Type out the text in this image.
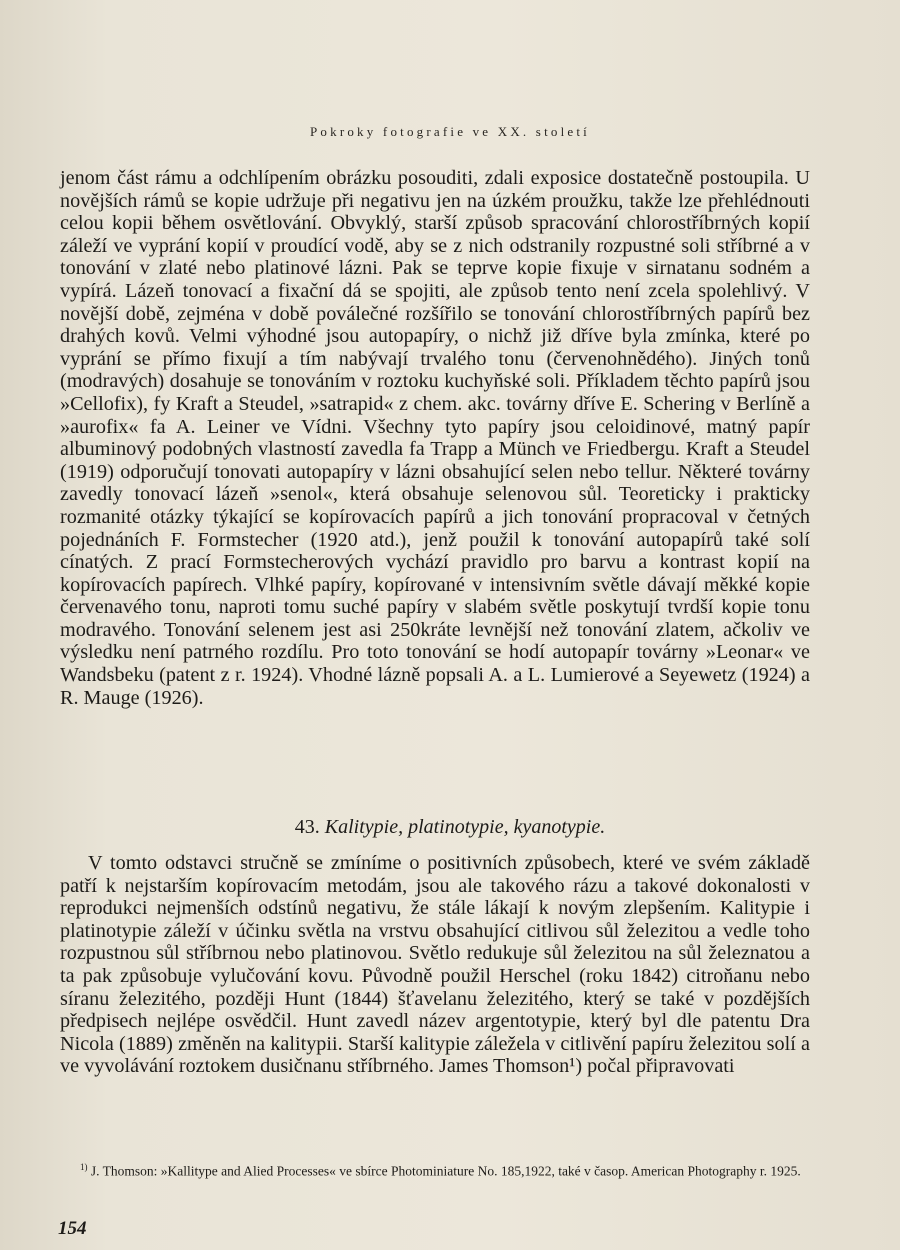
Pokroky fotografie ve XX. století

jenom část rámu a odchlípením obrázku posouditi, zdali exposice dostatečně postoupila. U novějších rámů se kopie udržuje při negativu jen na úzkém proužku, takže lze přehlédnouti celou kopii během osvětlování. Obvyklý, starší způsob spracování chlorostříbrných kopií záleží ve vyprání kopií v proudící vodě, aby se z nich odstranily rozpustné soli stříbrné a v tonování v zlaté nebo platinové lázni. Pak se teprve kopie fixuje v sirnatanu sodném a vypírá. Lázeň tonovací a fixační dá se spojiti, ale způsob tento není zcela spolehlivý. V novější době, zejména v době poválečné rozšířilo se tonování chlorostříbrných papírů bez drahých kovů. Velmi výhodné jsou autopapíry, o nichž již dříve byla zmínka, které po vyprání se přímo fixují a tím nabývají trvalého tonu (červenohnědého). Jiných tonů (modravých) dosahuje se tonováním v roztoku kuchyňské soli. Příkladem těchto papírů jsou »Cellofix), fy Kraft a Steudel, »satrapid« z chem. akc. továrny dříve E. Schering v Berlíně a »aurofix« fa A. Leiner ve Vídni. Všechny tyto papíry jsou celoidinové, matný papír albuminový podobných vlastností zavedla fa Trapp a Münch ve Friedbergu. Kraft a Steudel (1919) odporučují tonovati autopapíry v lázni obsahující selen nebo tellur. Některé továrny zavedly tonovací lázeň »senol«, která obsahuje selenovou sůl. Teoreticky i prakticky rozmanité otázky týkající se kopírovacích papírů a jich tonování propracoval v četných pojednáních F. Formstecher (1920 atd.), jenž použil k tonování autopapírů také solí cínatých. Z prací Formstecherových vychází pravidlo pro barvu a kontrast kopií na kopírovacích papírech. Vlhké papíry, kopírované v intensivním světle dávají měkké kopie červenavého tonu, naproti tomu suché papíry v slabém světle poskytují tvrdší kopie tonu modravého. Tonování selenem jest asi 250kráte levnější než tonování zlatem, ačkoliv ve výsledku není patrného rozdílu. Pro toto tonování se hodí autopapír továrny »Leonar« ve Wandsbeku (patent z r. 1924). Vhodné lázně popsali A. a L. Lumierové a Seyewetz (1924) a R. Mauge (1926).

43. Kalitypie, platinotypie, kyanotypie.

V tomto odstavci stručně se zmíníme o positivních způsobech, které ve svém základě patří k nejstarším kopírovacím metodám, jsou ale takového rázu a takové dokonalosti v reprodukci nejmenších odstínů negativu, že stále lákají k novým zlepšením. Kalitypie i platinotypie záleží v účinku světla na vrstvu obsahující citlivou sůl železitou a vedle toho rozpustnou sůl stříbrnou nebo platinovou. Světlo redukuje sůl železitou na sůl železnatou a ta pak způsobuje vylučování kovu. Původně použil Herschel (roku 1842) citroňanu nebo síranu železitého, později Hunt (1844) šťavelanu železitého, který se také v pozdějších předpisech nejlépe osvědčil. Hunt zavedl název argentotypie, který byl dle patentu Dra Nicola (1889) změněn na kalitypii. Starší kalitypie záležela v citlivění papíru železitou solí a ve vyvolávání roztokem dusičnanu stříbrného. James Thomson¹) počal připravovati

$^{1)}$ J. Thomson: »Kallitype and Alied Processes« ve sbírce Photominiature No. 185,1922, také v časop. American Photography r. 1925.

154
